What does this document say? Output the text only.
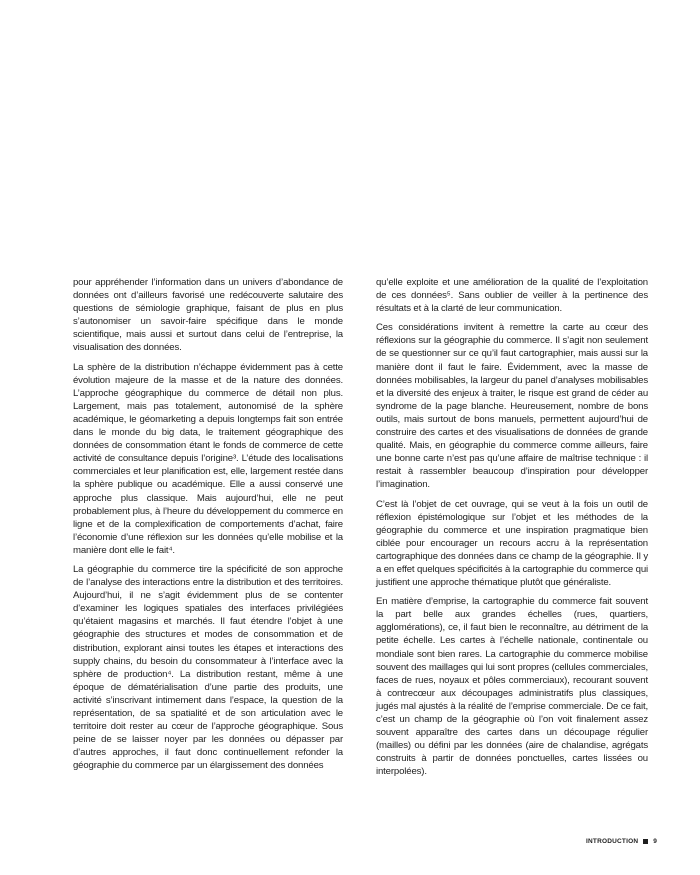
pour appréhender l’information dans un univers d’abondance de données ont d’ailleurs favorisé une redécouverte salutaire des questions de sémiologie graphique, faisant de plus en plus s’autonomiser un savoir-faire spécifique dans le monde scientifique, mais aussi et surtout dans celui de l’entreprise, la visualisation des données.

La sphère de la distribution n’échappe évidemment pas à cette évolution majeure de la masse et de la nature des données. L’approche géographique du commerce de détail non plus. Largement, mais pas totalement, autonomisé de la sphère académique, le géomarketing a depuis longtemps fait son entrée dans le monde du big data, le traitement géographique des données de consommation étant le fonds de commerce de cette activité de consultance depuis l’origine³. L’étude des localisations commerciales et leur planification est, elle, largement restée dans la sphère publique ou académique. Elle a aussi conservé une approche plus classique. Mais aujourd’hui, elle ne peut probablement plus, à l’heure du développement du commerce en ligne et de la complexification de comportements d’achat, faire l’économie d’une réflexion sur les données qu’elle mobilise et la manière dont elle le fait⁴.

La géographie du commerce tire la spécificité de son approche de l’analyse des interactions entre la distribution et des territoires. Aujourd’hui, il ne s’agit évidemment plus de se contenter d’examiner les logiques spatiales des interfaces privilégiées qu’étaient magasins et marchés. Il faut étendre l’objet à une géographie des structures et modes de consommation et de distribution, explorant ainsi toutes les étapes et interactions des supply chains, du besoin du consommateur à l’interface avec la sphère de production⁴. La distribution restant, même à une époque de dématérialisation d’une partie des produits, une activité s’inscrivant intimement dans l’espace, la question de la représentation, de sa spatialité et de son articulation avec le territoire doit rester au cœur de l’approche géographique. Sous peine de se laisser noyer par les données ou dépasser par d’autres approches, il faut donc continuellement refonder la géographie du commerce par un élargissement des données

qu’elle exploite et une amélioration de la qualité de l’exploitation de ces données⁵. Sans oublier de veiller à la pertinence des résultats et à la clarté de leur communication.

Ces considérations invitent à remettre la carte au cœur des réflexions sur la géographie du commerce. Il s’agit non seulement de se questionner sur ce qu’il faut cartographier, mais aussi sur la manière dont il faut le faire. Évidemment, avec la masse de données mobilisables, la largeur du panel d’analyses mobilisables et la diversité des enjeux à traiter, le risque est grand de céder au syndrome de la page blanche. Heureusement, nombre de bons outils, mais surtout de bons manuels, permettent aujourd’hui de construire des cartes et des visualisations de données de grande qualité. Mais, en géographie du commerce comme ailleurs, faire une bonne carte n’est pas qu’une affaire de maîtrise technique : il restait à rassembler beaucoup d’inspiration pour développer l’imagination.

C’est là l’objet de cet ouvrage, qui se veut à la fois un outil de réflexion épistémologique sur l’objet et les méthodes de la géographie du commerce et une inspiration pragmatique bien ciblée pour encourager un recours accru à la représentation cartographique des données dans ce champ de la géographie. Il y a en effet quelques spécificités à la cartographie du commerce qui justifient une approche thématique plutôt que généraliste.

En matière d’emprise, la cartographie du commerce fait souvent la part belle aux grandes échelles (rues, quartiers, agglomérations), ce, il faut bien le reconnaître, au détriment de la petite échelle. Les cartes à l’échelle nationale, continentale ou mondiale sont bien rares. La cartographie du commerce mobilise souvent des maillages qui lui sont propres (cellules commerciales, faces de rues, noyaux et pôles commerciaux), recourant souvent à contrecœur aux découpages administratifs plus classiques, jugés mal ajustés à la réalité de l’emprise commerciale. De ce fait, c’est un champ de la géographie où l’on voit finalement assez souvent apparaître des cartes dans un découpage régulier (mailles) ou défini par les données (aire de chalandise, agrégats construits à partir de données ponctuelles, cartes lissées ou interpolées).

INTRODUCTION 9
